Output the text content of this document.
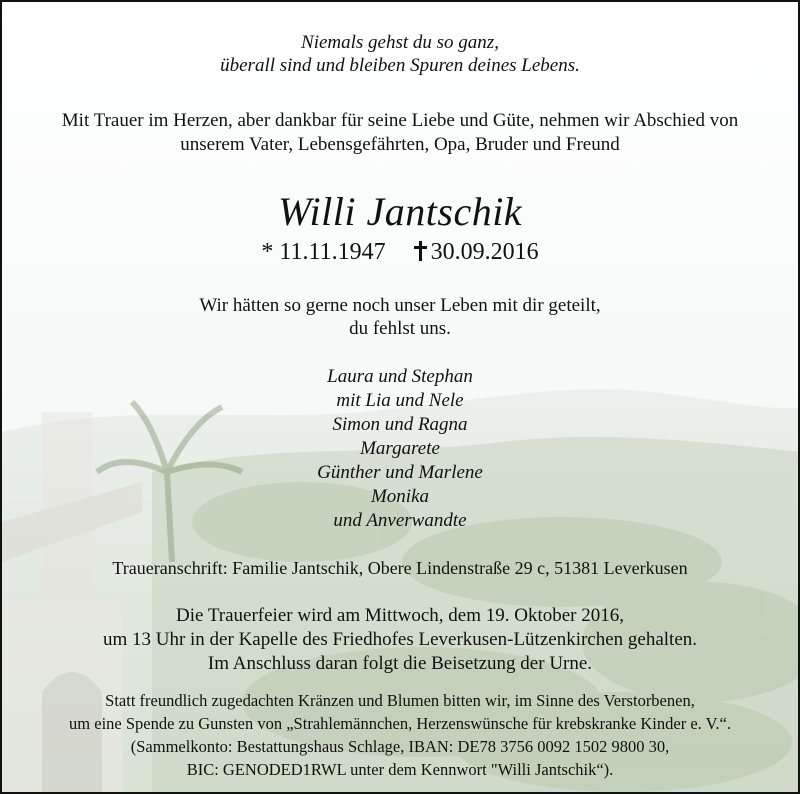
Niemals gehst du so ganz,
überall sind und bleiben Spuren deines Lebens.
Mit Trauer im Herzen, aber dankbar für seine Liebe und Güte, nehmen wir Abschied von
unserem Vater, Lebensgefährten, Opa, Bruder und Freund
Willi Jantschik
* 11.11.1947 30.09.2016
Wir hätten so gerne noch unser Leben mit dir geteilt,
du fehlst uns.
Laura und Stephan
mit Lia und Nele
Simon und Ragna
Margarete
Günther und Marlene
Monika
und Anverwandte
Traueranschrift: Familie Jantschik, Obere Lindenstraße 29 c, 51381 Leverkusen
Die Trauerfeier wird am Mittwoch, dem 19. Oktober 2016,
um 13 Uhr in der Kapelle des Friedhofes Leverkusen-Lützenkirchen gehalten.
Im Anschluss daran folgt die Beisetzung der Urne.
Statt freundlich zugedachten Kränzen und Blumen bitten wir, im Sinne des Verstorbenen,
um eine Spende zu Gunsten von „Strahlemännchen, Herzenswünsche für krebskranke Kinder e. V.“.
(Sammelkonto: Bestattungshaus Schlage, IBAN: DE78 3756 0092 1502 9800 30,
BIC: GENODED1RWL unter dem Kennwort "Willi Jantschik“).
